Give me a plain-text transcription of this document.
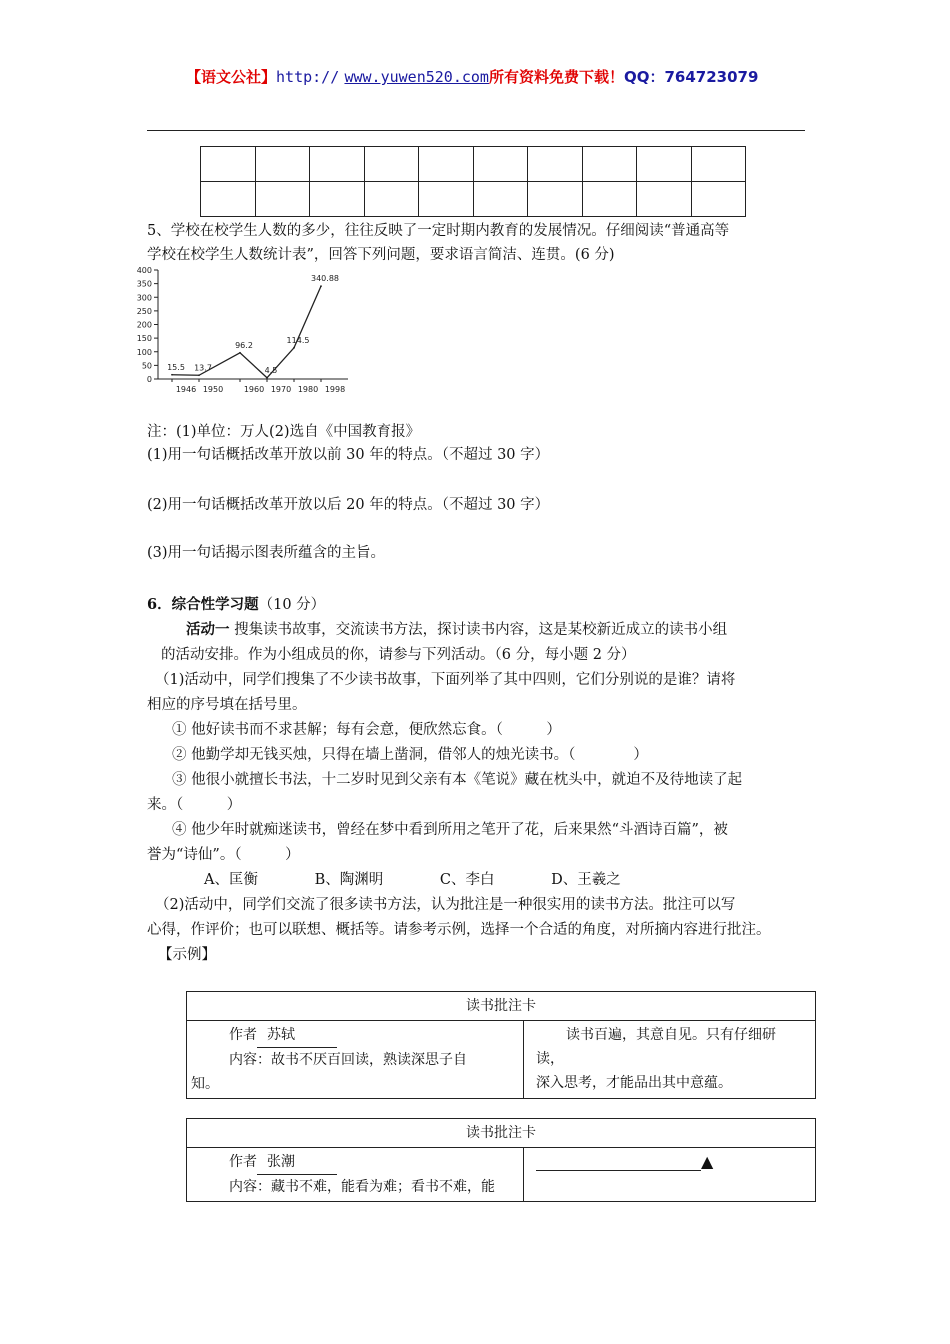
【语文公社】http:// www.yuwen520.com所有资料免费下载！QQ：764723079

5、学校在校学生人数的多少，往往反映了一定时期内教育的发展情况。仔细阅读“普通高等
学校在校学生人数统计表”，回答下列问题，要求语言简洁、连贯。(6 分)
0
50
100
150
200
250
300
350
400
1946 1950	1960 1970 1980 1998
15.5 13.7
96.2
4.5
114.5
340.88
注：(1)单位：万人(2)选自《中国教育报》
(1)用一句话概括改革开放以前 30 年的特点。（不超过 30 字）
(2)用一句话概括改革开放以后 20 年的特点。（不超过 30 字）
(3)用一句话揭示图表所蕴含的主旨。
6．综合性学习题（10 分）
活动一 搜集读书故事，交流读书方法，探讨读书内容，这是某校新近成立的读书小组
的活动安排。作为小组成员的你，请参与下列活动。（6 分，每小题 2 分）
（1)活动中，同学们搜集了不少读书故事，下面列举了其中四则，它们分别说的是谁？请将
相应的序号填在括号里。
① 他好读书而不求甚解；每有会意，便欣然忘食。（　　　）
② 他勤学却无钱买烛，只得在墙上凿洞，借邻人的烛光读书。（　　　　）
③ 他很小就擅长书法，十二岁时见到父亲有本《笔说》藏在枕头中，就迫不及待地读了起
来。（　　　）
④ 他少年时就痴迷读书，曾经在梦中看到所用之笔开了花，后来果然“斗酒诗百篇”，被
誉为“诗仙”。（　　　）
A、匡衡	B、陶渊明	C、李白	D、王羲之
（2)活动中，同学们交流了很多读书方法，认为批注是一种很实用的读书方法。批注可以写
心得，作评价；也可以联想、概括等。请参考示例，选择一个合适的角度，对所摘内容进行批注。
【示例】
读书批注卡

作者 苏轼
内容：故书不厌百回读，熟读深思子自
知。

读书百遍，其意自见。只有仔细研
读，
深入思考，才能品出其中意蕴。
读书批注卡

作者 张潮
内容：藏书不难，能看为难；看书不难，能

▲
